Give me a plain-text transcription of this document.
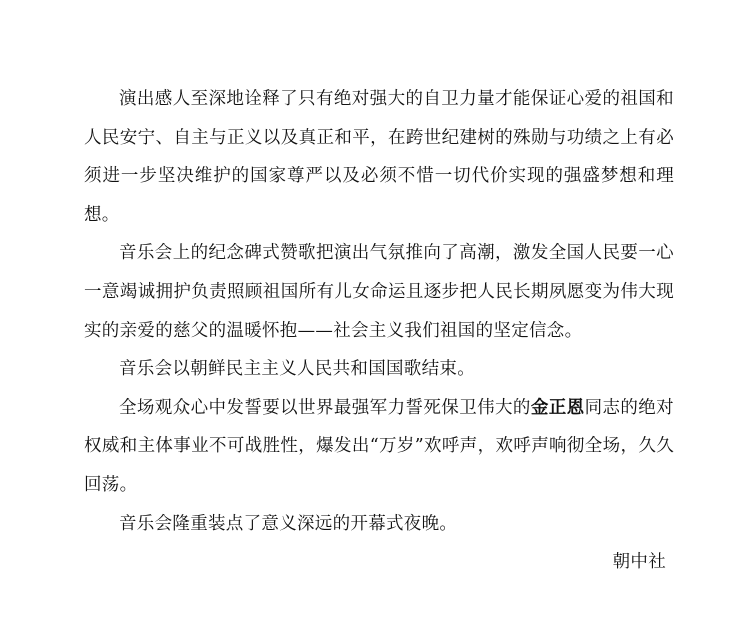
演出感人至深地诠释了只有绝对强大的自卫力量才能保证心爱的祖国和人民安宁、自主与正义以及真正和平，在跨世纪建树的殊勋与功绩之上有必须进一步坚决维护的国家尊严以及必须不惜一切代价实现的强盛梦想和理想。

音乐会上的纪念碑式赞歌把演出气氛推向了高潮，激发全国人民要一心一意竭诚拥护负责照顾祖国所有儿女命运且逐步把人民长期夙愿变为伟大现实的亲爱的慈父的温暖怀抱——社会主义我们祖国的坚定信念。

音乐会以朝鲜民主主义人民共和国国歌结束。

全场观众心中发誓要以世界最强军力誓死保卫伟大的金正恩同志的绝对权威和主体事业不可战胜性，爆发出“万岁”欢呼声，欢呼声响彻全场，久久回荡。

音乐会隆重装点了意义深远的开幕式夜晚。

朝中社
